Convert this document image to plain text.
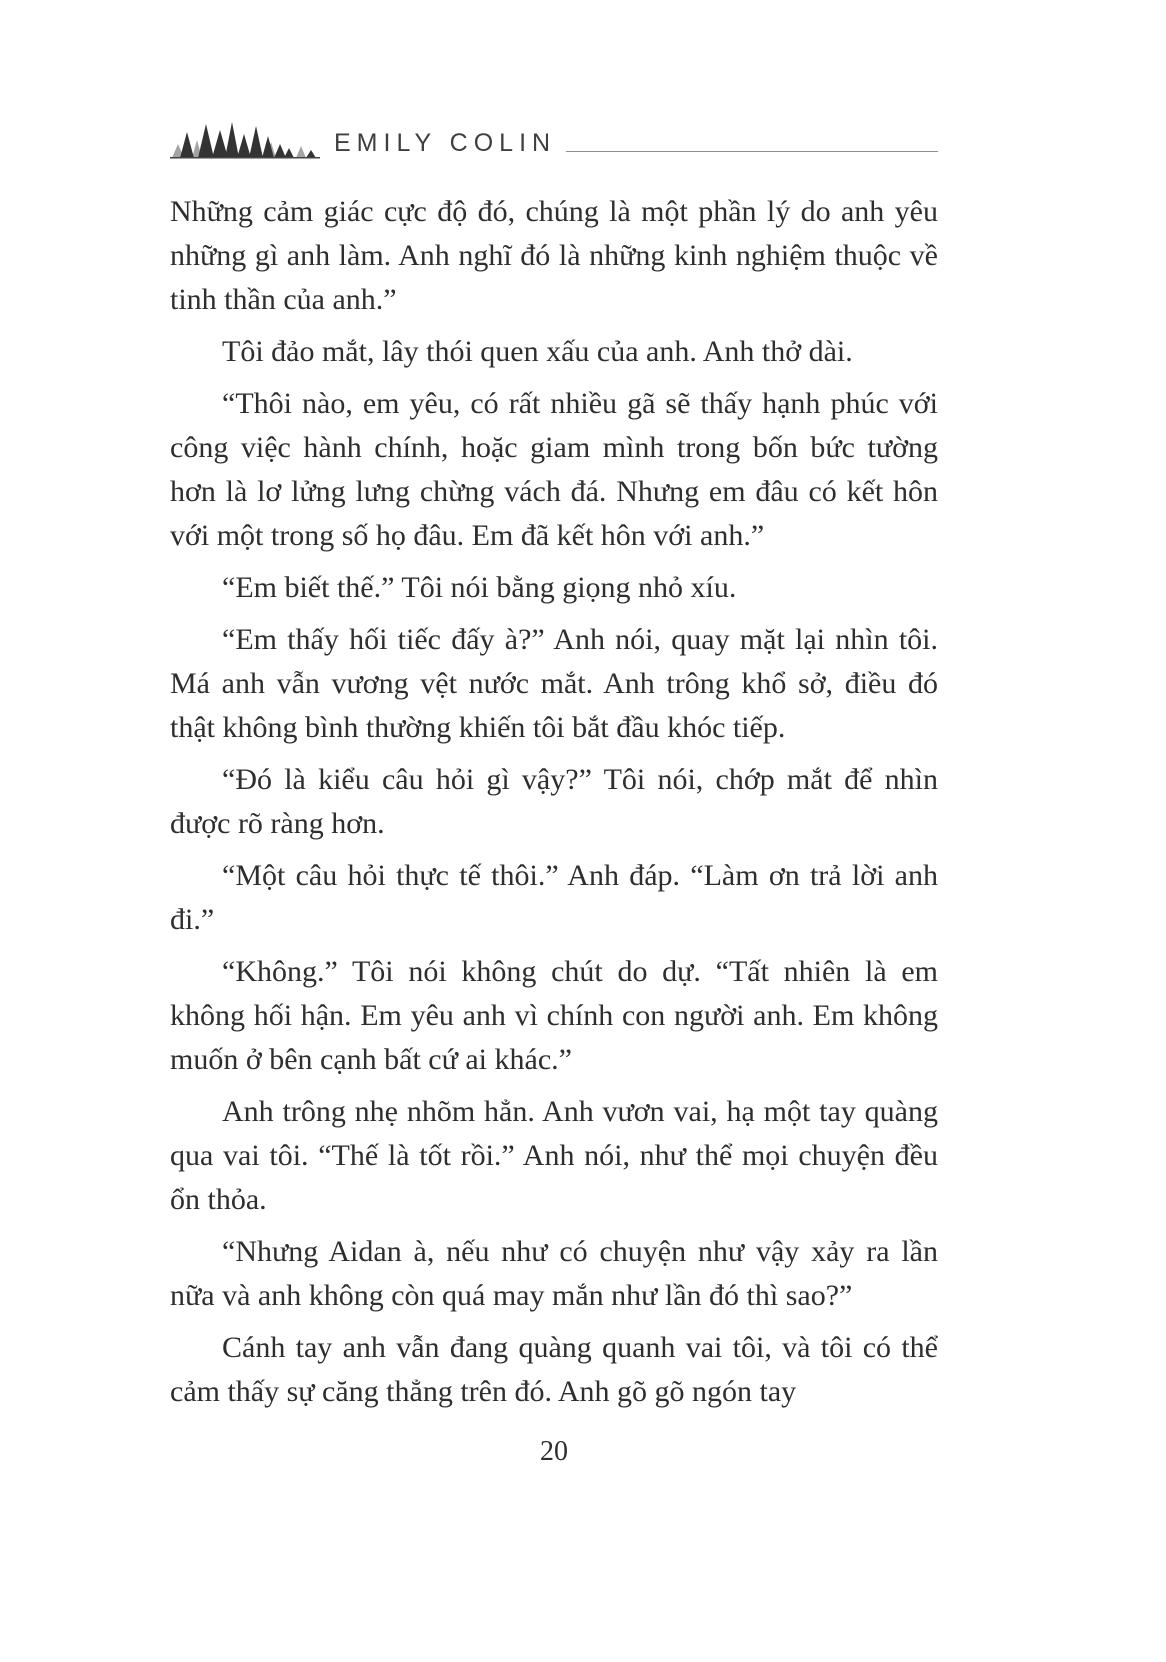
EMILY COLIN

Những cảm giác cực độ đó, chúng là một phần lý do anh yêu những gì anh làm. Anh nghĩ đó là những kinh nghiệm thuộc về tinh thần của anh.”

Tôi đảo mắt, lây thói quen xấu của anh. Anh thở dài.

“Thôi nào, em yêu, có rất nhiều gã sẽ thấy hạnh phúc với công việc hành chính, hoặc giam mình trong bốn bức tường hơn là lơ lửng lưng chừng vách đá. Nhưng em đâu có kết hôn với một trong số họ đâu. Em đã kết hôn với anh.”

“Em biết thế.” Tôi nói bằng giọng nhỏ xíu.

“Em thấy hối tiếc đấy à?” Anh nói, quay mặt lại nhìn tôi. Má anh vẫn vương vệt nước mắt. Anh trông khổ sở, điều đó thật không bình thường khiến tôi bắt đầu khóc tiếp.

“Đó là kiểu câu hỏi gì vậy?” Tôi nói, chớp mắt để nhìn được rõ ràng hơn.

“Một câu hỏi thực tế thôi.” Anh đáp. “Làm ơn trả lời anh đi.”

“Không.” Tôi nói không chút do dự. “Tất nhiên là em không hối hận. Em yêu anh vì chính con người anh. Em không muốn ở bên cạnh bất cứ ai khác.”

Anh trông nhẹ nhõm hẳn. Anh vươn vai, hạ một tay quàng qua vai tôi. “Thế là tốt rồi.” Anh nói, như thể mọi chuyện đều ổn thỏa.

“Nhưng Aidan à, nếu như có chuyện như vậy xảy ra lần nữa và anh không còn quá may mắn như lần đó thì sao?”

Cánh tay anh vẫn đang quàng quanh vai tôi, và tôi có thể cảm thấy sự căng thẳng trên đó. Anh gõ gõ ngón tay

20
